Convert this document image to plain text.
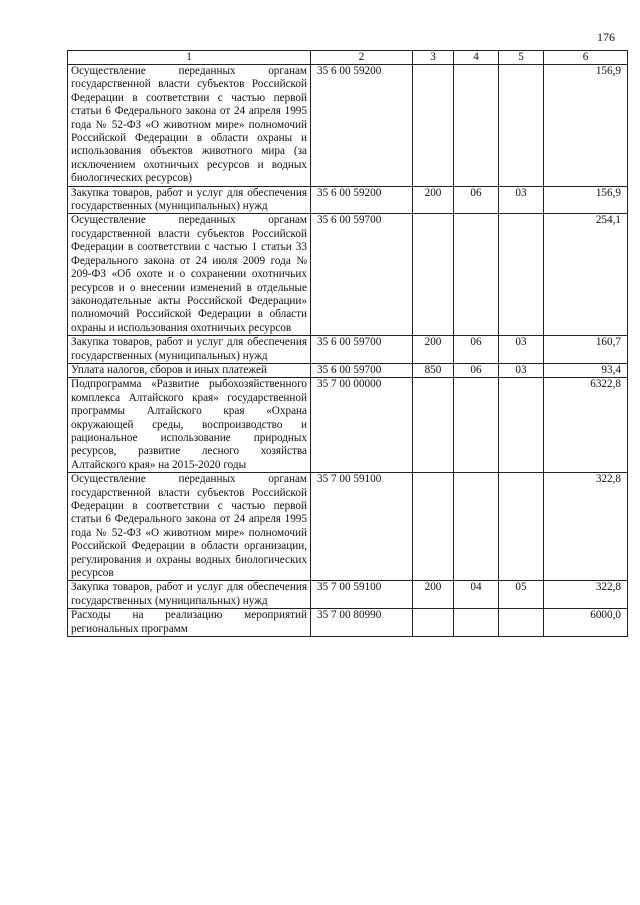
176
1	2	3	4	5	6
Осуществление переданных органам государственной власти субъектов Российской Федерации в соответствии с частью первой статьи 6 Федерального закона от 24 апреля 1995 года № 52-ФЗ «О животном мире» полномочий Российской Федерации в области охраны и использования объектов животного мира (за исключением охотничьих ресурсов и водных биологических ресурсов)	35 6 00 59200				156,9
Закупка товаров, работ и услуг для обеспечения государственных (муниципальных) нужд	35 6 00 59200	200	06	03	156,9
Осуществление переданных органам государственной власти субъектов Российской Федерации в соответствии с частью 1 статьи 33 Федерального закона от 24 июля 2009 года № 209-ФЗ «Об охоте и о сохранении охотничьих ресурсов и о внесении изменений в отдельные законодательные акты Российской Федерации» полномочий Российской Федерации в области охраны и использования охотничьих ресурсов	35 6 00 59700				254,1
Закупка товаров, работ и услуг для обеспечения государственных (муниципальных) нужд	35 6 00 59700	200	06	03	160,7
Уплата налогов, сборов и иных платежей	35 6 00 59700	850	06	03	93,4
Подпрограмма «Развитие рыбохозяйственного комплекса Алтайского края» государственной программы Алтайского края «Охрана окружающей среды, воспроизводство и рациональное использование природных ресурсов, развитие лесного хозяйства Алтайского края» на 2015-2020 годы	35 7 00 00000				6322,8
Осуществление переданных органам государственной власти субъектов Российской Федерации в соответствии с частью первой статьи 6 Федерального закона от 24 апреля 1995 года № 52-ФЗ «О животном мире» полномочий Российской Федерации в области организации, регулирования и охраны водных биологических ресурсов	35 7 00 59100				322,8
Закупка товаров, работ и услуг для обеспечения государственных (муниципальных) нужд	35 7 00 59100	200	04	05	322,8
Расходы на реализацию мероприятий региональных программ	35 7 00 80990				6000,0
